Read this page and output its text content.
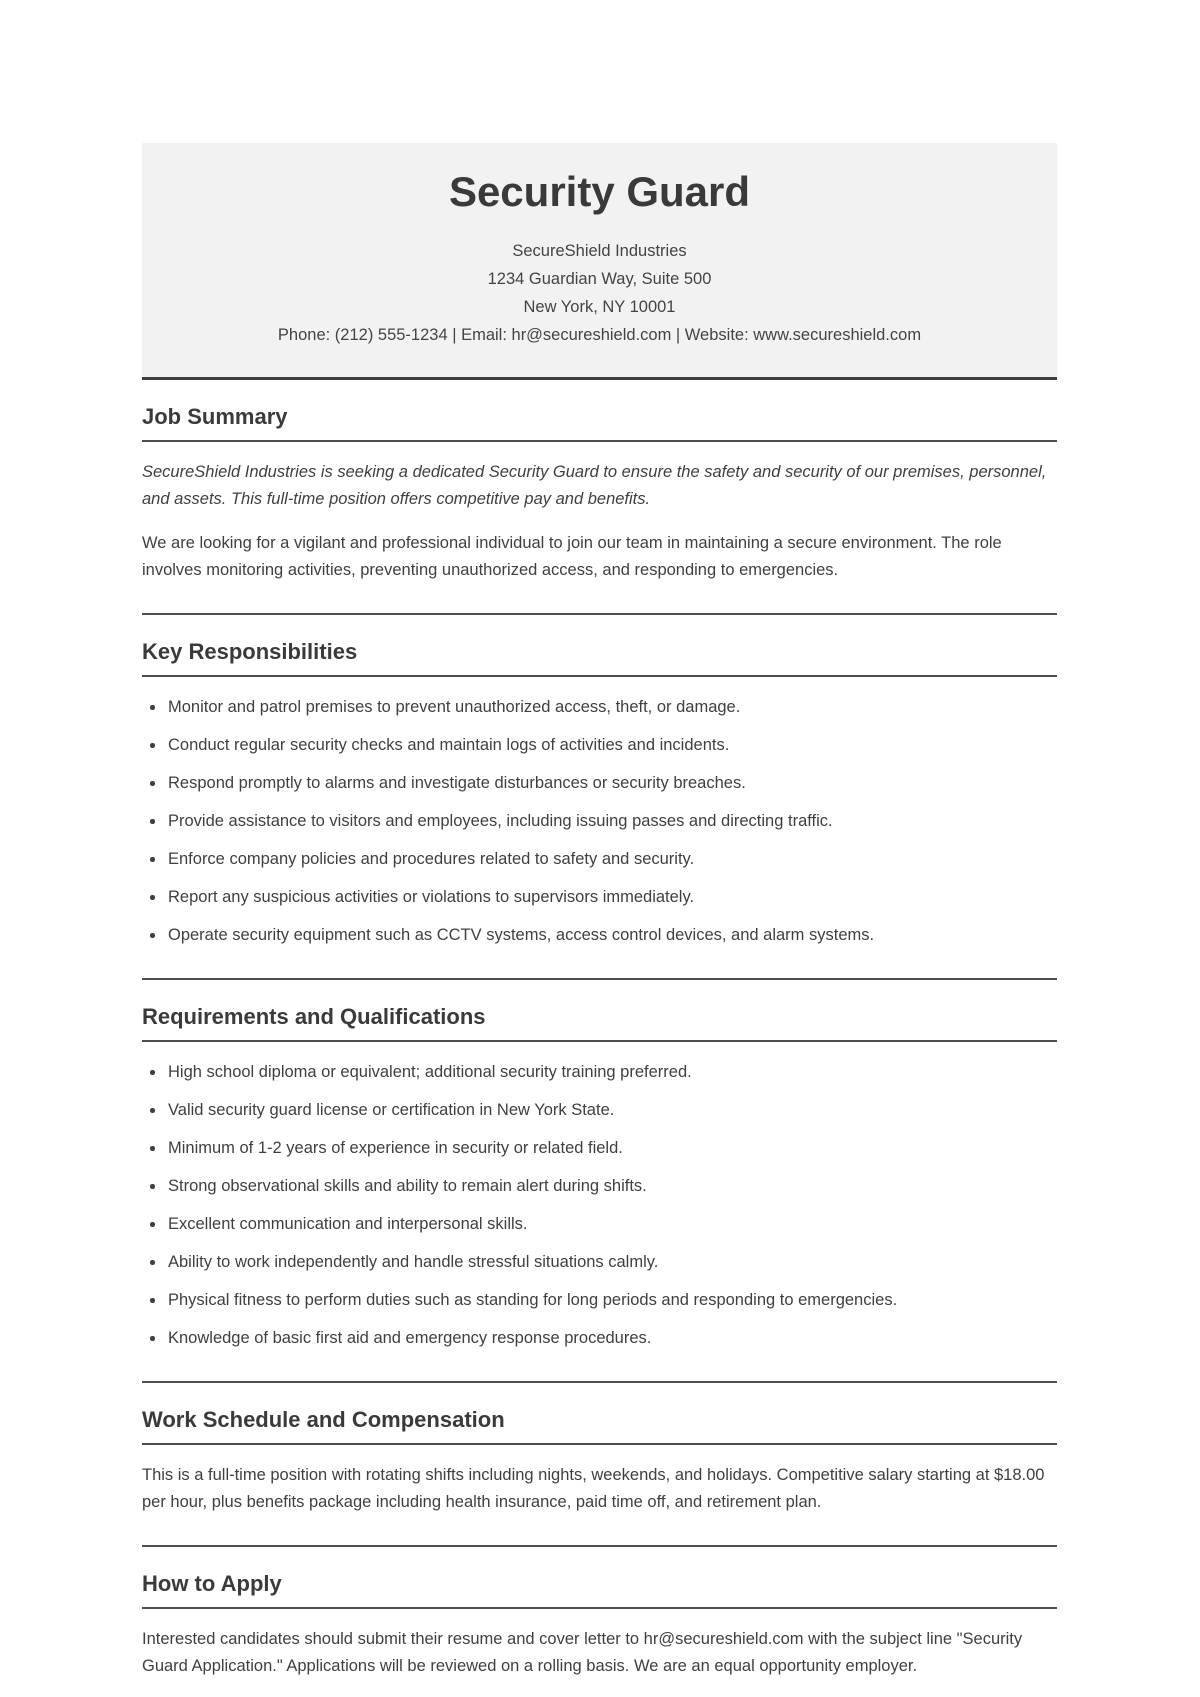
Security Guard
SecureShield Industries
1234 Guardian Way, Suite 500
New York, NY 10001
Phone: (212) 555-1234 | Email: hr@secureshield.com | Website: www.secureshield.com
Job Summary

SecureShield Industries is seeking a dedicated Security Guard to ensure the safety and security of our premises, personnel, and assets. This full-time position offers competitive pay and benefits.

We are looking for a vigilant and professional individual to join our team in maintaining a secure environment. The role involves monitoring activities, preventing unauthorized access, and responding to emergencies.

Key Responsibilities
Monitor and patrol premises to prevent unauthorized access, theft, or damage.
Conduct regular security checks and maintain logs of activities and incidents.
Respond promptly to alarms and investigate disturbances or security breaches.
Provide assistance to visitors and employees, including issuing passes and directing traffic.
Enforce company policies and procedures related to safety and security.
Report any suspicious activities or violations to supervisors immediately.
Operate security equipment such as CCTV systems, access control devices, and alarm systems.
Requirements and Qualifications
High school diploma or equivalent; additional security training preferred.
Valid security guard license or certification in New York State.
Minimum of 1-2 years of experience in security or related field.
Strong observational skills and ability to remain alert during shifts.
Excellent communication and interpersonal skills.
Ability to work independently and handle stressful situations calmly.
Physical fitness to perform duties such as standing for long periods and responding to emergencies.
Knowledge of basic first aid and emergency response procedures.
Work Schedule and Compensation

This is a full-time position with rotating shifts including nights, weekends, and holidays. Competitive salary starting at $18.00 per hour, plus benefits package including health insurance, paid time off, and retirement plan.

How to Apply

Interested candidates should submit their resume and cover letter to hr@secureshield.com with the subject line "Security Guard Application." Applications will be reviewed on a rolling basis. We are an equal opportunity employer.
